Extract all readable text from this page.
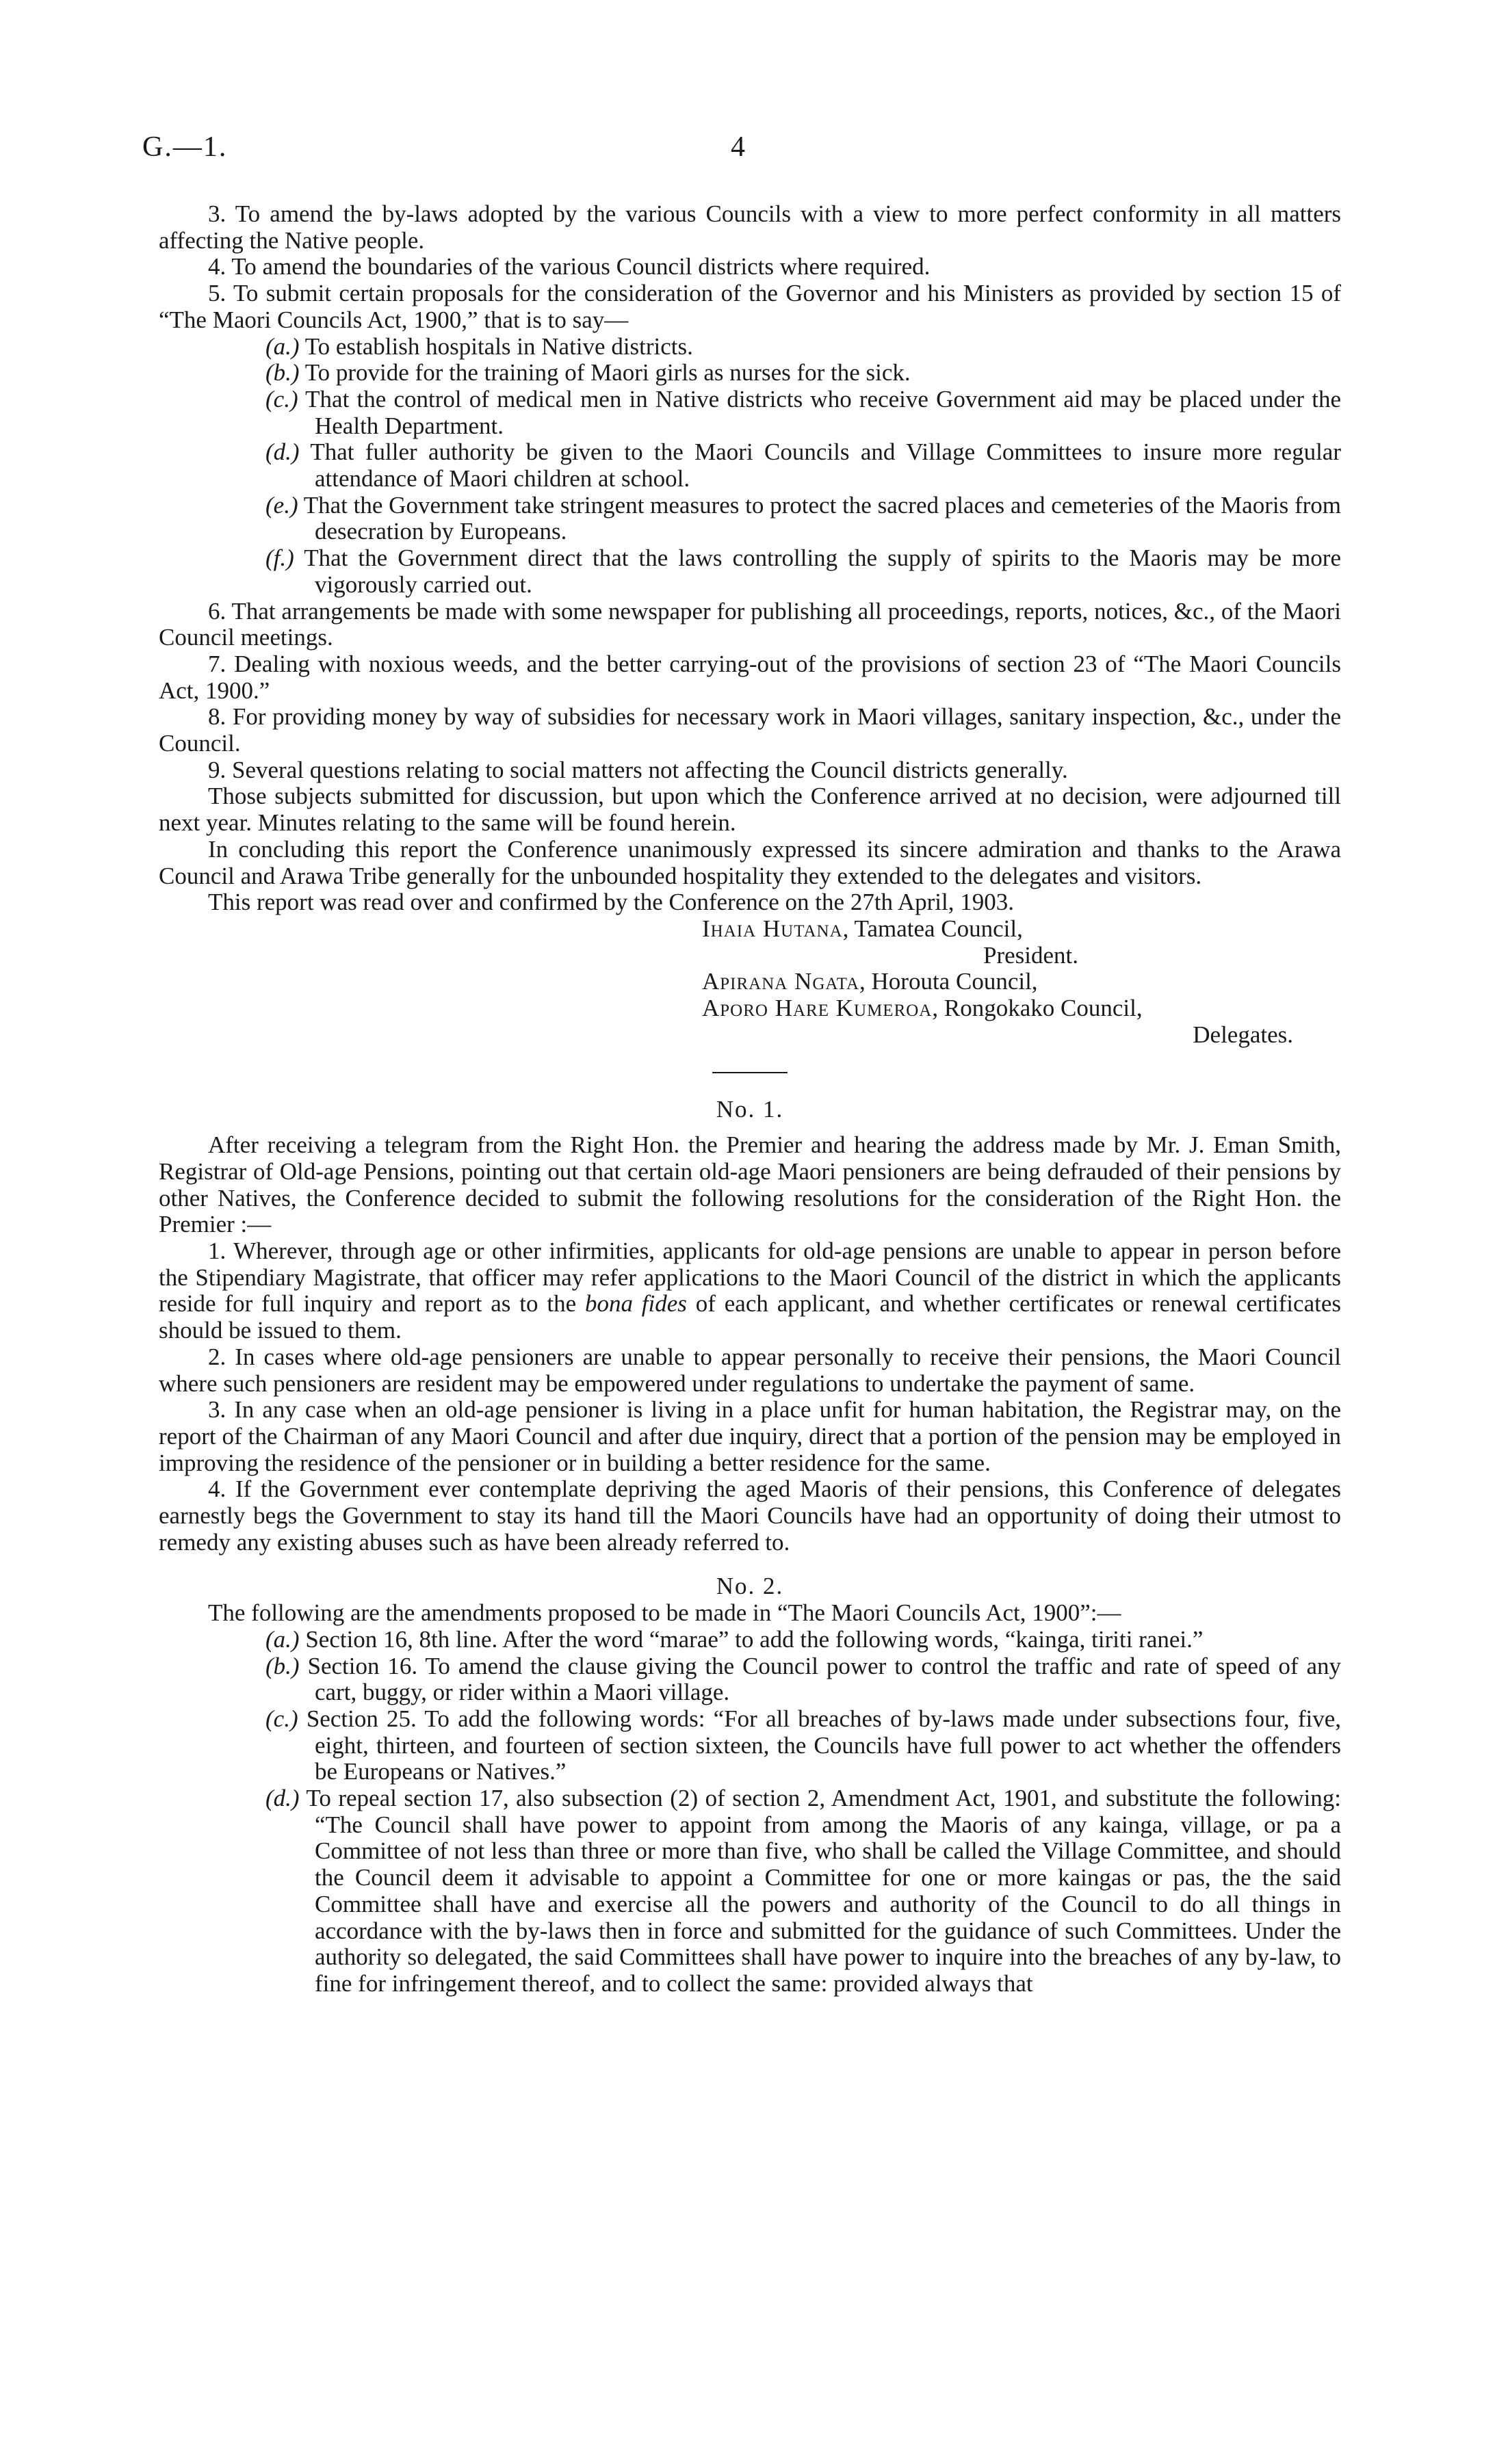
G.—1.	4

3. To amend the by-laws adopted by the various Councils with a view to more perfect conformity in all matters affecting the Native people.

4. To amend the boundaries of the various Council districts where required.

5. To submit certain proposals for the consideration of the Governor and his Ministers as provided by section 15 of “The Maori Councils Act, 1900,” that is to say—

(a.) To establish hospitals in Native districts.

(b.) To provide for the training of Maori girls as nurses for the sick.

(c.) That the control of medical men in Native districts who receive Government aid may be placed under the Health Department.

(d.) That fuller authority be given to the Maori Councils and Village Committees to insure more regular attendance of Maori children at school.

(e.) That the Government take stringent measures to protect the sacred places and cemeteries of the Maoris from desecration by Europeans.

(f.) That the Government direct that the laws controlling the supply of spirits to the Maoris may be more vigorously carried out.

6. That arrangements be made with some newspaper for publishing all proceedings, reports, notices, &c., of the Maori Council meetings.

7. Dealing with noxious weeds, and the better carrying-out of the provisions of section 23 of “The Maori Councils Act, 1900.”

8. For providing money by way of subsidies for necessary work in Maori villages, sanitary inspection, &c., under the Council.

9. Several questions relating to social matters not affecting the Council districts generally.

Those subjects submitted for discussion, but upon which the Conference arrived at no decision, were adjourned till next year. Minutes relating to the same will be found herein.

In concluding this report the Conference unanimously expressed its sincere admiration and thanks to the Arawa Council and Arawa Tribe generally for the unbounded hospitality they extended to the delegates and visitors.

This report was read over and confirmed by the Conference on the 27th April, 1903.

Ihaia Hutana, Tamatea Council,

President.

Apirana Ngata, Horouta Council,

Aporo Hare Kumeroa, Rongokako Council,

Delegates.

No. 1.

After receiving a telegram from the Right Hon. the Premier and hearing the address made by Mr. J. Eman Smith, Registrar of Old-age Pensions, pointing out that certain old-age Maori pensioners are being defrauded of their pensions by other Natives, the Conference decided to submit the following resolutions for the consideration of the Right Hon. the Premier :—

1. Wherever, through age or other infirmities, applicants for old-age pensions are unable to appear in person before the Stipendiary Magistrate, that officer may refer applications to the Maori Council of the district in which the applicants reside for full inquiry and report as to the bona fides of each applicant, and whether certificates or renewal certificates should be issued to them.

2. In cases where old-age pensioners are unable to appear personally to receive their pensions, the Maori Council where such pensioners are resident may be empowered under regulations to undertake the payment of same.

3. In any case when an old-age pensioner is living in a place unfit for human habitation, the Registrar may, on the report of the Chairman of any Maori Council and after due inquiry, direct that a portion of the pension may be employed in improving the residence of the pensioner or in building a better residence for the same.

4. If the Government ever contemplate depriving the aged Maoris of their pensions, this Conference of delegates earnestly begs the Government to stay its hand till the Maori Councils have had an opportunity of doing their utmost to remedy any existing abuses such as have been already referred to.

No. 2.

The following are the amendments proposed to be made in “The Maori Councils Act, 1900”:—

(a.) Section 16, 8th line. After the word “marae” to add the following words, “kainga, tiriti ranei.”

(b.) Section 16. To amend the clause giving the Council power to control the traffic and rate of speed of any cart, buggy, or rider within a Maori village.

(c.) Section 25. To add the following words: “For all breaches of by-laws made under subsections four, five, eight, thirteen, and fourteen of section sixteen, the Councils have full power to act whether the offenders be Europeans or Natives.”

(d.) To repeal section 17, also subsection (2) of section 2, Amendment Act, 1901, and substitute the following: “The Council shall have power to appoint from among the Maoris of any kainga, village, or pa a Committee of not less than three or more than five, who shall be called the Village Committee, and should the Council deem it advisable to appoint a Committee for one or more kaingas or pas, the the said Committee shall have and exercise all the powers and authority of the Council to do all things in accordance with the by-laws then in force and submitted for the guidance of such Committees. Under the authority so delegated, the said Committees shall have power to inquire into the breaches of any by-law, to fine for infringement thereof, and to collect the same: provided always that
